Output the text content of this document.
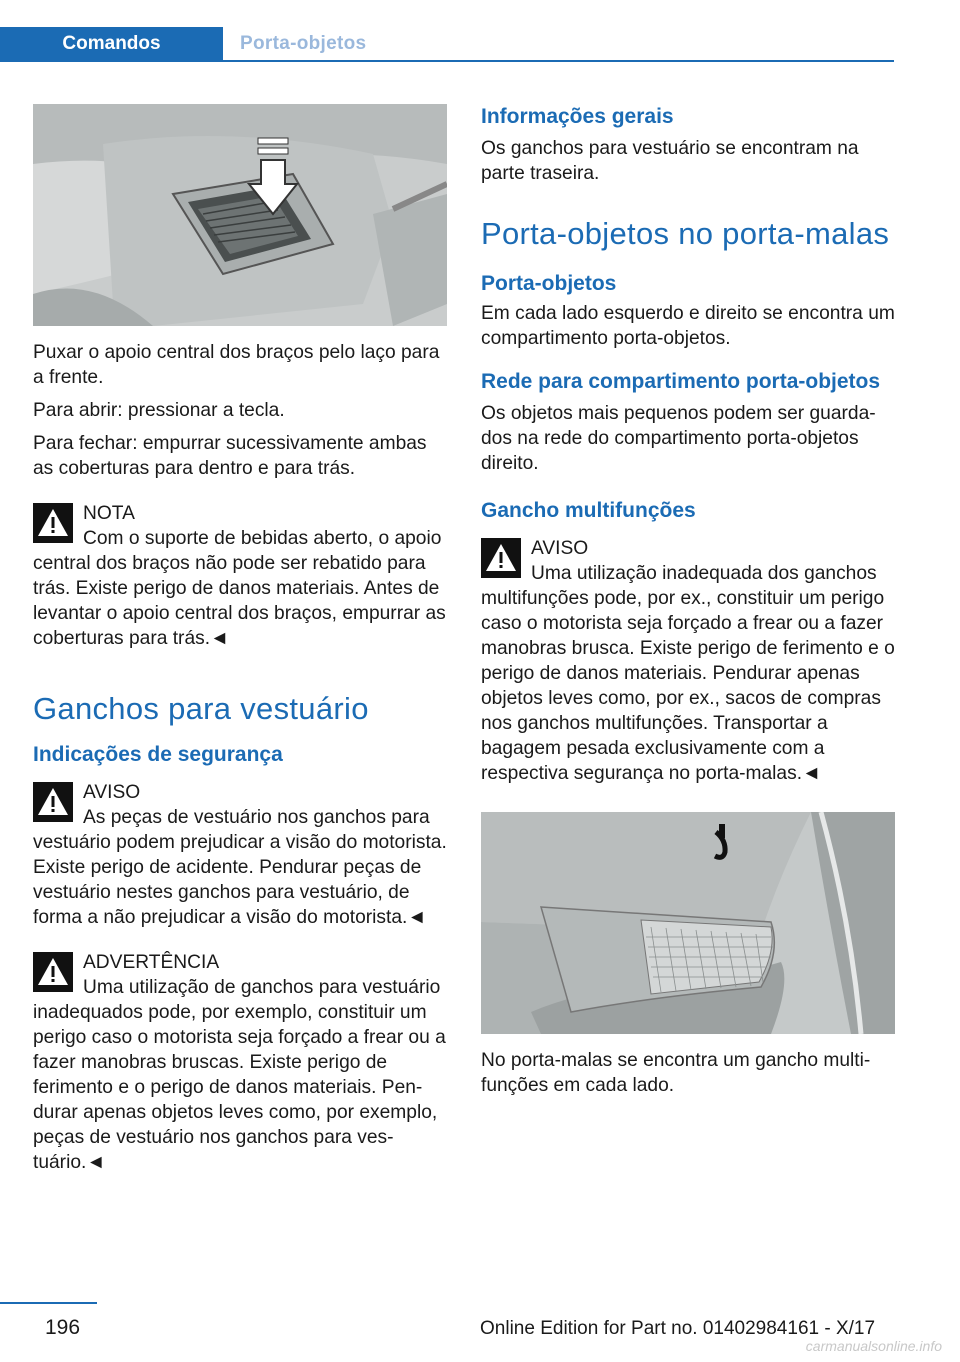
Comandos	Porta-objetos

Puxar o apoio central dos braços pelo laço para a frente.

Para abrir: pressionar a tecla.

Para fechar: empurrar sucessivamente ambas as coberturas para dentro e para trás.

NOTA

Com o suporte de bebidas aberto, o apoio central dos braços não pode ser rebatido para trás. Existe perigo de danos materiais. Antes de levantar o apoio central dos braços, empurrar as coberturas para trás.◄

Ganchos para vestuário
Indicações de segurança
AVISO

As peças de vestuário nos ganchos para vestuário podem prejudicar a visão do motorista. Existe perigo de acidente. Pendurar peças de vestuário nestes ganchos para vestuário, de forma a não prejudicar a visão do motorista.◄

ADVERTÊNCIA

Uma utilização de ganchos para vestuário inadequados pode, por exemplo, constituir um perigo caso o motorista seja forçado a frear ou a fazer manobras bruscas. Existe perigo de ferimento e o perigo de danos materiais. Pendurar apenas objetos leves como, por exemplo, peças de vestuário nos ganchos para vestuário.◄

Informações gerais

Os ganchos para vestuário se encontram na parte traseira.

Porta-objetos no porta-malas
Porta-objetos

Em cada lado esquerdo e direito se encontra um compartimento porta-objetos.

Rede para compartimento porta-objetos

Os objetos mais pequenos podem ser guardados na rede do compartimento porta-objetos direito.

Gancho multifunções
AVISO

Uma utilização inadequada dos ganchos multifunções pode, por ex., constituir um perigo caso o motorista seja forçado a frear ou a fazer manobras brusca. Existe perigo de ferimento e o perigo de danos materiais. Pendurar apenas objetos leves como, por ex., sacos de compras nos ganchos multifunções. Transportar a bagagem pesada exclusivamente com a respectiva segurança no porta-malas.◄

No porta-malas se encontra um gancho multifunções em cada lado.

196	Online Edition for Part no. 01402984161 - X/17
carmanualsonline.info
